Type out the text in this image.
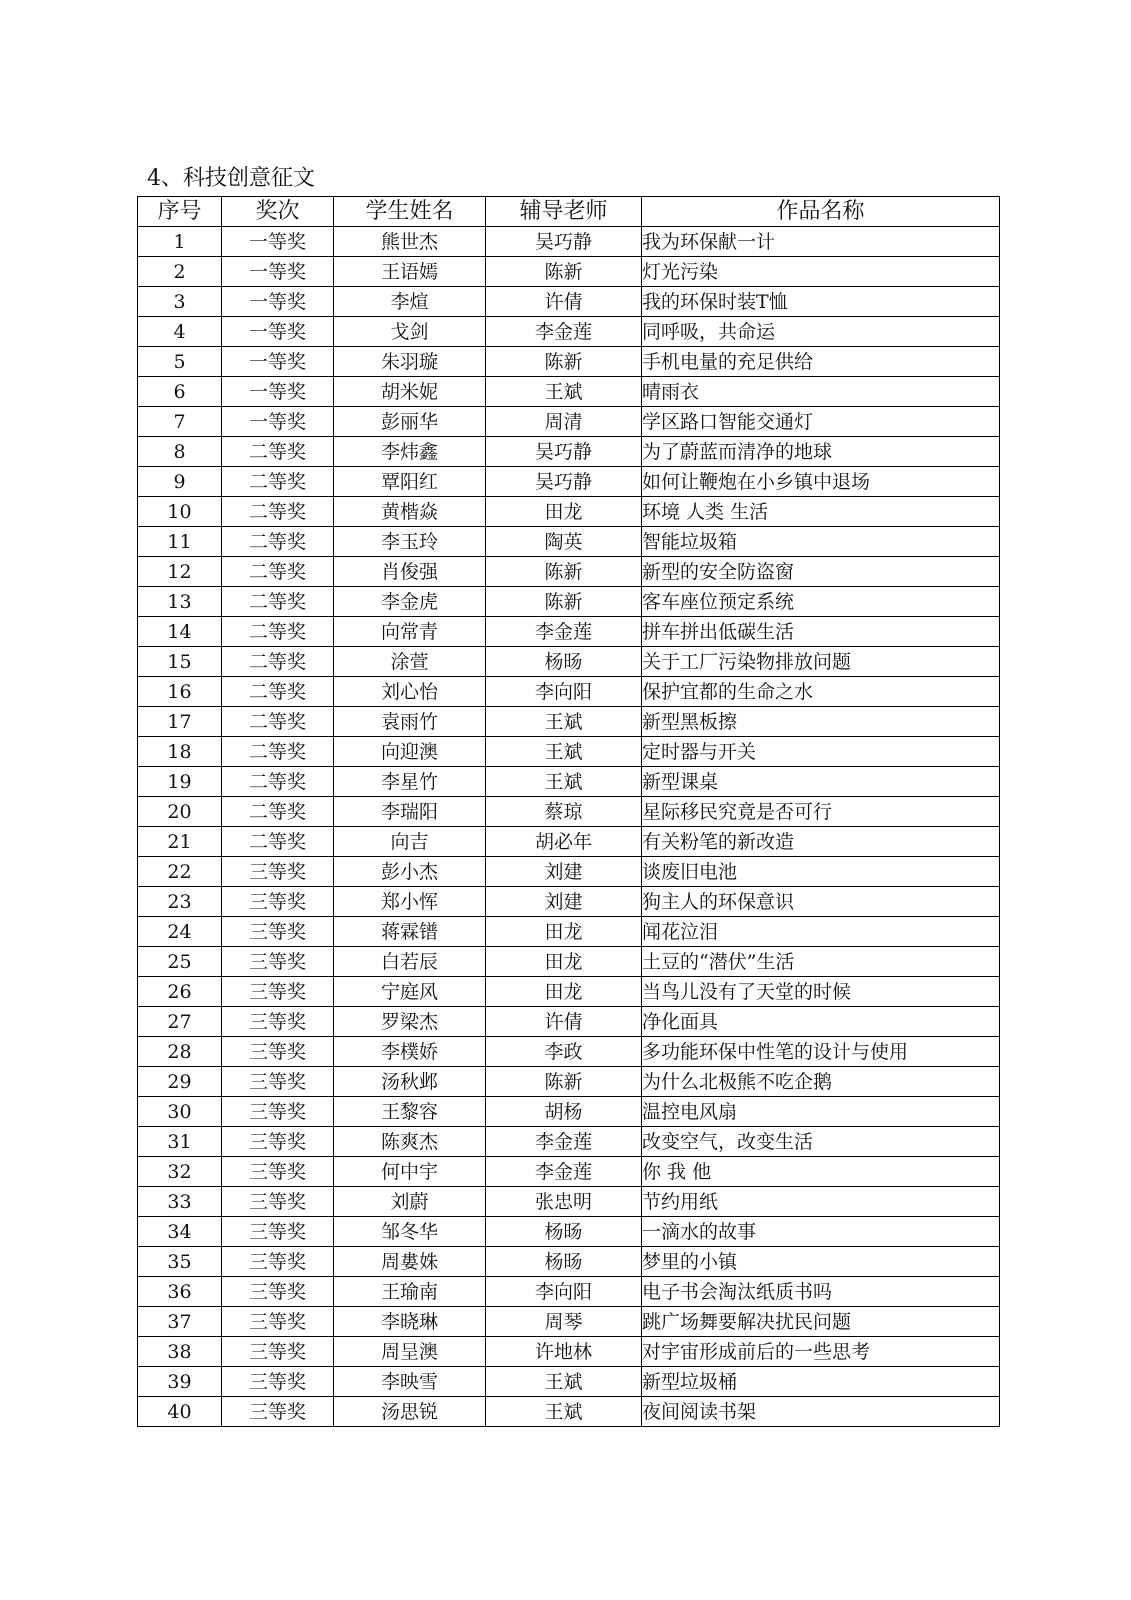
4、科技创意征文
序号	奖次	学生姓名	辅导老师	作品名称
1	一等奖	熊世杰	吴巧静	我为环保献一计
2	一等奖	王语嫣	陈新	灯光污染
3	一等奖	李煊	许倩	我的环保时装T恤
4	一等奖	戈剑	李金莲	同呼吸，共命运
5	一等奖	朱羽璇	陈新	手机电量的充足供给
6	一等奖	胡米妮	王斌	晴雨衣
7	一等奖	彭丽华	周清	学区路口智能交通灯
8	二等奖	李炜鑫	吴巧静	为了蔚蓝而清净的地球
9	二等奖	覃阳红	吴巧静	如何让鞭炮在小乡镇中退场
10	二等奖	黄楷焱	田龙	环境 人类 生活
11	二等奖	李玉玲	陶英	智能垃圾箱
12	二等奖	肖俊强	陈新	新型的安全防盗窗
13	二等奖	李金虎	陈新	客车座位预定系统
14	二等奖	向常青	李金莲	拼车拼出低碳生活
15	二等奖	涂萱	杨旸	关于工厂污染物排放问题
16	二等奖	刘心怡	李向阳	保护宜都的生命之水
17	二等奖	袁雨竹	王斌	新型黑板擦
18	二等奖	向迎澳	王斌	定时器与开关
19	二等奖	李星竹	王斌	新型课桌
20	二等奖	李瑞阳	蔡琼	星际移民究竟是否可行
21	二等奖	向吉	胡必年	有关粉笔的新改造
22	三等奖	彭小杰	刘建	谈废旧电池
23	三等奖	郑小恽	刘建	狗主人的环保意识
24	三等奖	蒋霖镨	田龙	闻花泣泪
25	三等奖	白若辰	田龙	土豆的“潜伏”生活
26	三等奖	宁庭风	田龙	当鸟儿没有了天堂的时候
27	三等奖	罗梁杰	许倩	净化面具
28	三等奖	李樸娇	李政	多功能环保中性笔的设计与使用
29	三等奖	汤秋邺	陈新	为什么北极熊不吃企鹅
30	三等奖	王黎容	胡杨	温控电风扇
31	三等奖	陈爽杰	李金莲	改变空气，改变生活
32	三等奖	何中宇	李金莲	你 我 他
33	三等奖	刘蔚	张忠明	节约用纸
34	三等奖	邹冬华	杨旸	一滴水的故事
35	三等奖	周婁姝	杨旸	梦里的小镇
36	三等奖	王瑜南	李向阳	电子书会淘汰纸质书吗
37	三等奖	李晓琳	周琴	跳广场舞要解决扰民问题
38	三等奖	周呈澳	许地林	对宇宙形成前后的一些思考
39	三等奖	李映雪	王斌	新型垃圾桶
40	三等奖	汤思锐	王斌	夜间阅读书架
